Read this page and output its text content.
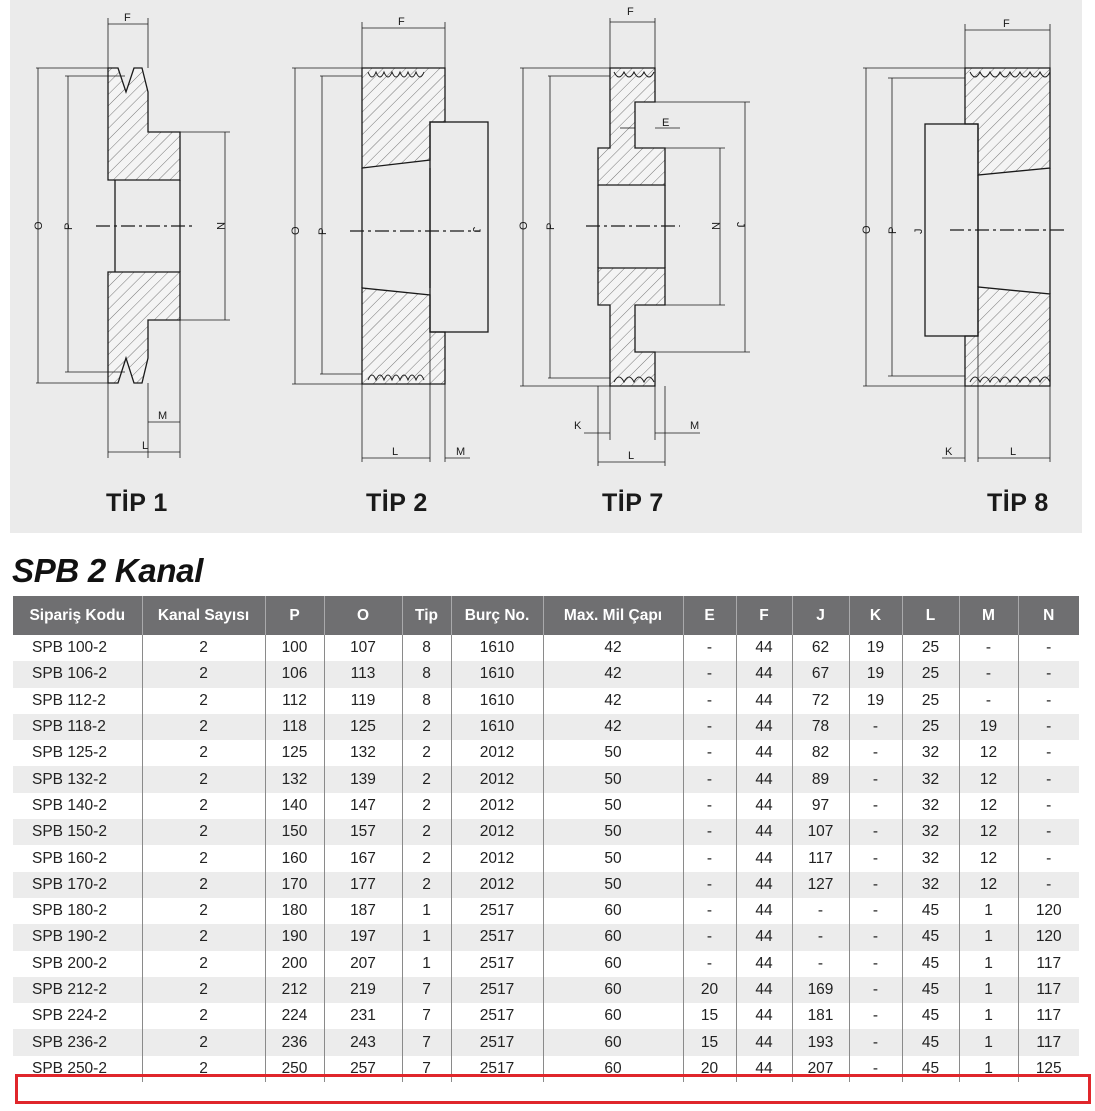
F
O P	N
M
L
F
O P	J
L	M
F
E
O P	N J
K	M
L
F
O P J
K	L
TİP 1	TİP 2	TİP 7	TİP 8
SPB 2 Kanal
Sipariş Kodu	Kanal Sayısı	P	O	Tip	Burç No.	Max. Mil Çapı	E	F	J	K	L	M	N
SPB 100-2	2	100	107	8	1610	42	-	44	62	19	25	-	-
SPB 106-2	2	106	113	8	1610	42	-	44	67	19	25	-	-
SPB 112-2	2	112	119	8	1610	42	-	44	72	19	25	-	-
SPB 118-2	2	118	125	2	1610	42	-	44	78	-	25	19	-
SPB 125-2	2	125	132	2	2012	50	-	44	82	-	32	12	-
SPB 132-2	2	132	139	2	2012	50	-	44	89	-	32	12	-
SPB 140-2	2	140	147	2	2012	50	-	44	97	-	32	12	-
SPB 150-2	2	150	157	2	2012	50	-	44	107	-	32	12	-
SPB 160-2	2	160	167	2	2012	50	-	44	117	-	32	12	-
SPB 170-2	2	170	177	2	2012	50	-	44	127	-	32	12	-
SPB 180-2	2	180	187	1	2517	60	-	44	-	-	45	1	120
SPB 190-2	2	190	197	1	2517	60	-	44	-	-	45	1	120
SPB 200-2	2	200	207	1	2517	60	-	44	-	-	45	1	117
SPB 212-2	2	212	219	7	2517	60	20	44	169	-	45	1	117
SPB 224-2	2	224	231	7	2517	60	15	44	181	-	45	1	117
SPB 236-2	2	236	243	7	2517	60	15	44	193	-	45	1	117
SPB 250-2	2	250	257	7	2517	60	20	44	207	-	45	1	125
